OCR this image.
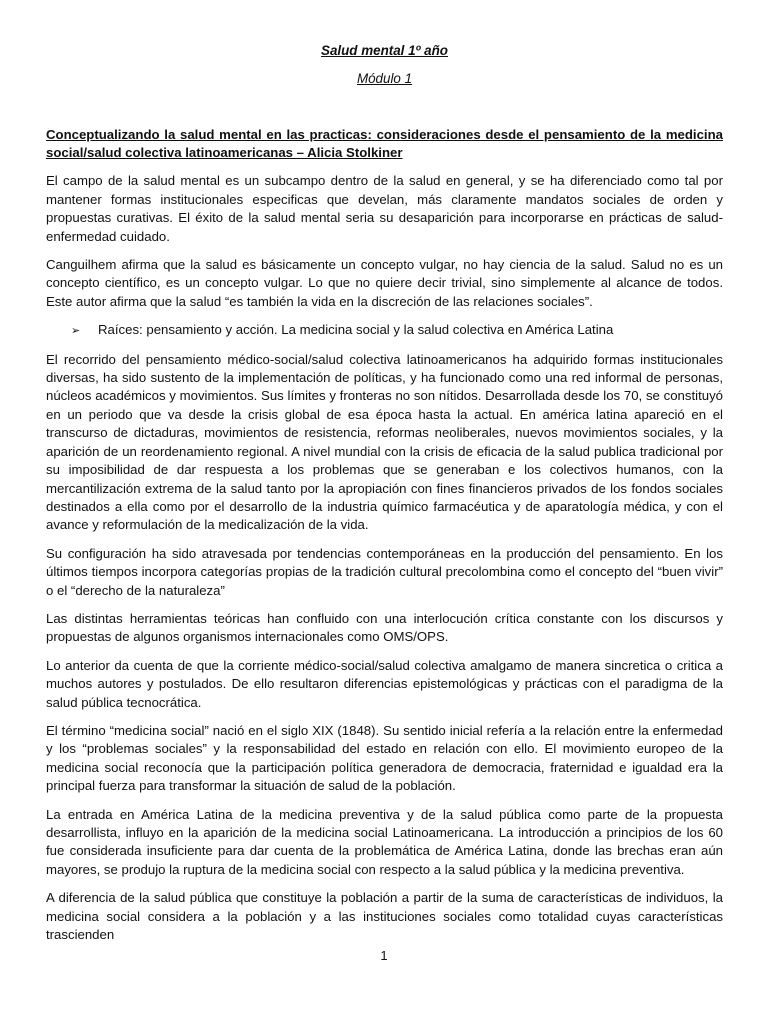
Salud mental 1º año

Módulo 1

Conceptualizando la salud mental en las practicas: consideraciones desde el pensamiento de la medicina social/salud colectiva latinoamericanas – Alicia Stolkiner

El campo de la salud mental es un subcampo dentro de la salud en general, y se ha diferenciado como tal por mantener formas institucionales especificas que develan, más claramente mandatos sociales de orden y propuestas curativas. El éxito de la salud mental seria su desaparición para incorporarse en prácticas de salud- enfermedad cuidado.

Canguilhem afirma que la salud es básicamente un concepto vulgar, no hay ciencia de la salud. Salud no es un concepto científico, es un concepto vulgar. Lo que no quiere decir trivial, sino simplemente al alcance de todos. Este autor afirma que la salud “es también la vida en la discreción de las relaciones sociales”.

➢	Raíces: pensamiento y acción. La medicina social y la salud colectiva en América Latina

El recorrido del pensamiento médico-social/salud colectiva latinoamericanos ha adquirido formas institucionales diversas, ha sido sustento de la implementación de políticas, y ha funcionado como una red informal de personas, núcleos académicos y movimientos. Sus límites y fronteras no son nítidos. Desarrollada desde los 70, se constituyó en un periodo que va desde la crisis global de esa época hasta la actual. En américa latina apareció en el transcurso de dictaduras, movimientos de resistencia, reformas neoliberales, nuevos movimientos sociales, y la aparición de un reordenamiento regional. A nivel mundial con la crisis de eficacia de la salud publica tradicional por su imposibilidad de dar respuesta a los problemas que se generaban e los colectivos humanos, con la mercantilización extrema de la salud tanto por la apropiación con fines financieros privados de los fondos sociales destinados a ella como por el desarrollo de la industria químico farmacéutica y de aparatología médica, y con el avance y reformulación de la medicalización de la vida.

Su configuración ha sido atravesada por tendencias contemporáneas en la producción del pensamiento. En los últimos tiempos incorpora categorías propias de la tradición cultural precolombina como el concepto del “buen vivir” o el “derecho de la naturaleza”

Las distintas herramientas teóricas han confluido con una interlocución crítica constante con los discursos y propuestas de algunos organismos internacionales como OMS/OPS.

Lo anterior da cuenta de que la corriente médico-social/salud colectiva amalgamo de manera sincretica o critica a muchos autores y postulados. De ello resultaron diferencias epistemológicas y prácticas con el paradigma de la salud pública tecnocrática.

El término “medicina social” nació en el siglo XIX (1848). Su sentido inicial refería a la relación entre la enfermedad y los “problemas sociales” y la responsabilidad del estado en relación con ello. El movimiento europeo de la medicina social reconocía que la participación política generadora de democracia, fraternidad e igualdad era la principal fuerza para transformar la situación de salud de la población.

La entrada en América Latina de la medicina preventiva y de la salud pública como parte de la propuesta desarrollista, influyo en la aparición de la medicina social Latinoamericana. La introducción a principios de los 60 fue considerada insuficiente para dar cuenta de la problemática de América Latina, donde las brechas eran aún mayores, se produjo la ruptura de la medicina social con respecto a la salud pública y la medicina preventiva.

A diferencia de la salud pública que constituye la población a partir de la suma de características de individuos, la medicina social considera a la población y a las instituciones sociales como totalidad cuyas características trascienden

1
